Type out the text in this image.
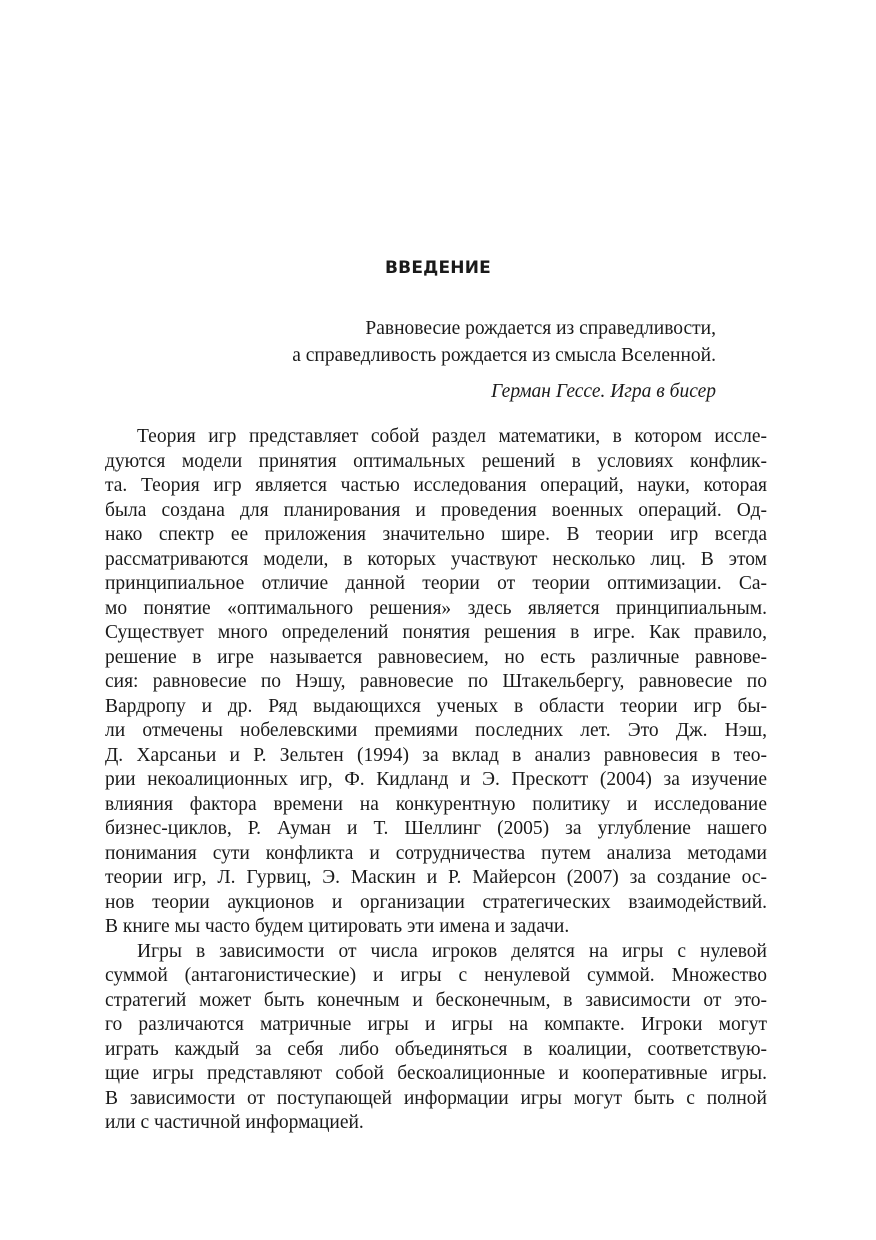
ВВЕДЕНИЕ
Равновесие рождается из справедливости,
а справедливость рождается из смысла Вселенной.
Герман Гессе. Игра в бисер

Теория игр представляет собой раздел математики, в котором иссле-
дуются модели принятия оптимальных решений в условиях конфлик-
та. Теория игр является частью исследования операций, науки, которая
была создана для планирования и проведения военных операций. Од-
нако спектр ее приложения значительно шире. В теории игр всегда
рассматриваются модели, в которых участвуют несколько лиц. В этом
принципиальное отличие данной теории от теории оптимизации. Са-
мо понятие «оптимального решения» здесь является принципиальным.
Существует много определений понятия решения в игре. Как правило,
решение в игре называется равновесием, но есть различные равнове-
сия: равновесие по Нэшу, равновесие по Штакельбергу, равновесие по
Вардропу и др. Ряд выдающихся ученых в области теории игр бы-
ли отмечены нобелевскими премиями последних лет. Это Дж. Нэш,
Д. Харсаньи и Р. Зельтен (1994) за вклад в анализ равновесия в тео-
рии некоалиционных игр, Ф. Кидланд и Э. Прескотт (2004) за изучение
влияния фактора времени на конкурентную политику и исследование
бизнес-циклов, Р. Ауман и Т. Шеллинг (2005) за углубление нашего
понимания сути конфликта и сотрудничества путем анализа методами
теории игр, Л. Гурвиц, Э. Маскин и Р. Майерсон (2007) за создание ос-
нов теории аукционов и организации стратегических взаимодействий.
В книге мы часто будем цитировать эти имена и задачи.

Игры в зависимости от числа игроков делятся на игры с нулевой
суммой (антагонистические) и игры с ненулевой суммой. Множество
стратегий может быть конечным и бесконечным, в зависимости от это-
го различаются матричные игры и игры на компакте. Игроки могут
играть каждый за себя либо объединяться в коалиции, соответствую-
щие игры представляют собой бескоалиционные и кооперативные игры.
В зависимости от поступающей информации игры могут быть с полной
или с частичной информацией.
